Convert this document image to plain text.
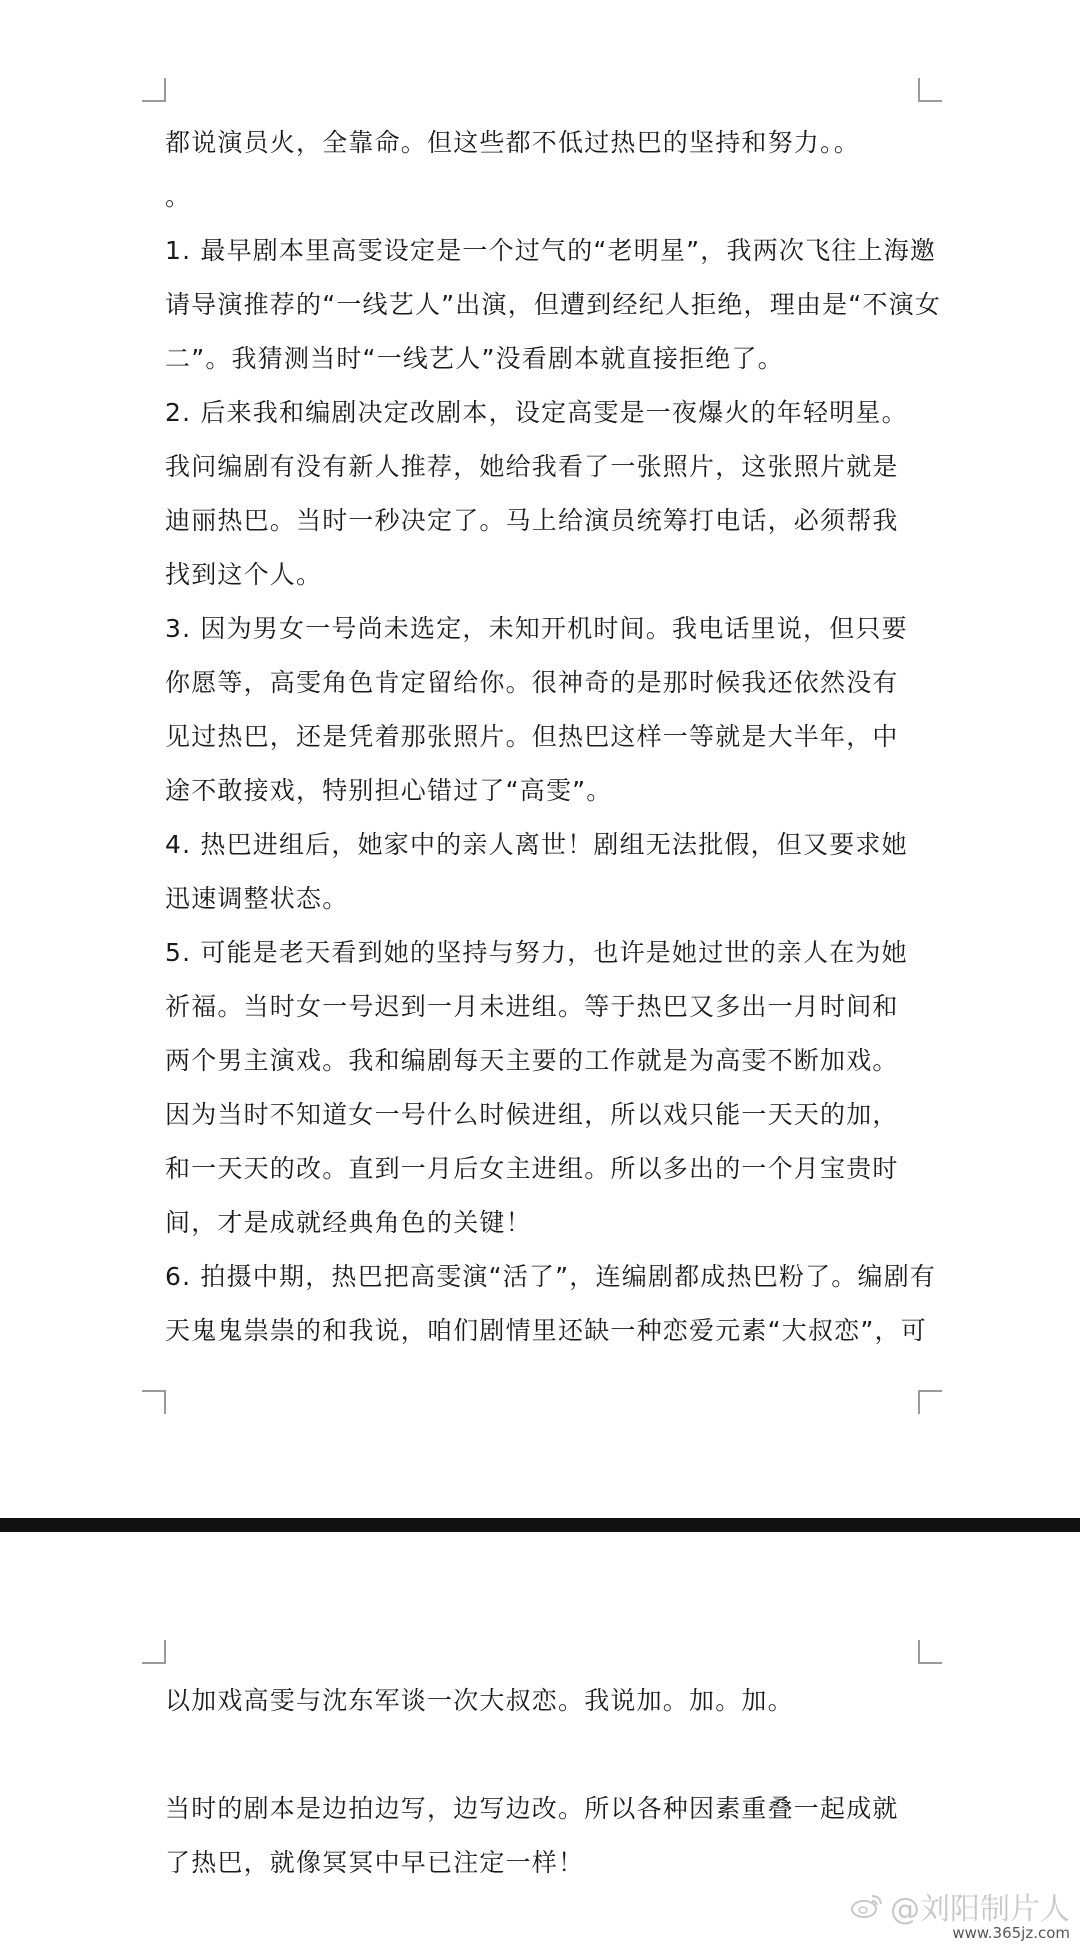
都说演员火，全靠命。但这些都不低过热巴的坚持和努力。。

。

1. 最早剧本里高雯设定是一个过气的“老明星”，我两次飞往上海邀

请导演推荐的“一线艺人”出演，但遭到经纪人拒绝，理由是“不演女

二”。我猜测当时“一线艺人”没看剧本就直接拒绝了。

2. 后来我和编剧决定改剧本，设定高雯是一夜爆火的年轻明星。

我问编剧有没有新人推荐，她给我看了一张照片，这张照片就是

迪丽热巴。当时一秒决定了。马上给演员统筹打电话，必须帮我

找到这个人。

3. 因为男女一号尚未选定，未知开机时间。我电话里说，但只要

你愿等，高雯角色肯定留给你。很神奇的是那时候我还依然没有

见过热巴，还是凭着那张照片。但热巴这样一等就是大半年，中

途不敢接戏，特别担心错过了“高雯”。

4. 热巴进组后，她家中的亲人离世！剧组无法批假，但又要求她

迅速调整状态。

5. 可能是老天看到她的坚持与努力，也许是她过世的亲人在为她

祈福。当时女一号迟到一月未进组。等于热巴又多出一月时间和

两个男主演戏。我和编剧每天主要的工作就是为高雯不断加戏。

因为当时不知道女一号什么时候进组，所以戏只能一天天的加，

和一天天的改。直到一月后女主进组。所以多出的一个月宝贵时

间，才是成就经典角色的关键！

6. 拍摄中期，热巴把高雯演“活了”，连编剧都成热巴粉了。编剧有

天鬼鬼祟祟的和我说，咱们剧情里还缺一种恋爱元素“大叔恋”，可

以加戏高雯与沈东军谈一次大叔恋。我说加。加。加。

当时的剧本是边拍边写，边写边改。所以各种因素重叠一起成就

了热巴，就像冥冥中早已注定一样！

@刘阳制片人
www.365jz.com
